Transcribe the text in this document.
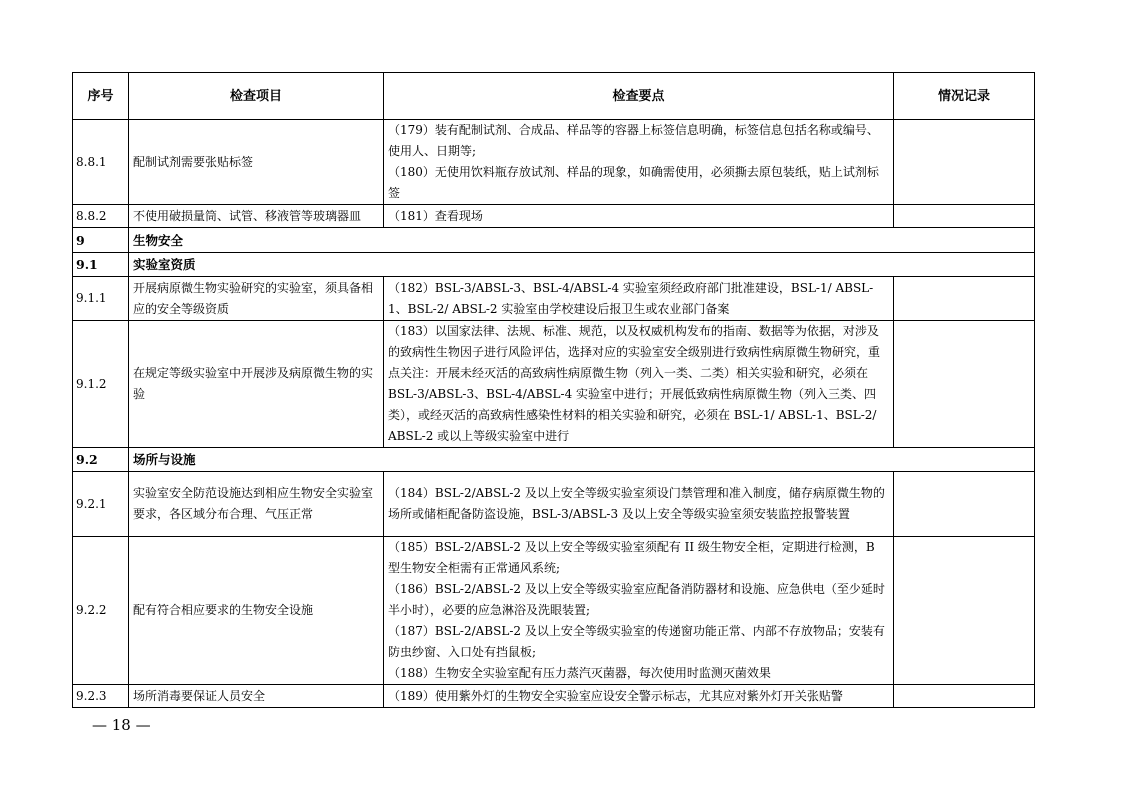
序号	检查项目	检查要点	情况记录
8.8.1	配制试剂需要张贴标签	（179）装有配制试剂、合成品、样品等的容器上标签信息明确，标签信息包括名称或编号、使用人、日期等;
（180）无使用饮料瓶存放试剂、样品的现象，如确需使用，必须撕去原包装纸，贴上试剂标签	

8.8.2	不使用破损量筒、试管、移液管等玻璃器皿	（181）查看现场	

9	生物安全		
9.1	实验室资质		
9.1.1	开展病原微生物实验研究的实验室，须具备相应的安全等级资质	（182）BSL-3/ABSL-3、BSL-4/ABSL-4 实验室须经政府部门批准建设，BSL-1/ ABSL-1、BSL-2/ ABSL-2 实验室由学校建设后报卫生或农业部门备案	

9.1.2	在规定等级实验室中开展涉及病原微生物的实验	（183）以国家法律、法规、标准、规范，以及权威机构发布的指南、数据等为依据，对涉及的致病性生物因子进行风险评估，选择对应的实验室安全级别进行致病性病原微生物研究，重点关注：开展未经灭活的高致病性病原微生物（列入一类、二类）相关实验和研究，必须在 BSL-3/ABSL-3、BSL-4/ABSL-4 实验室中进行；开展低致病性病原微生物（列入三类、四类），或经灭活的高致病性感染性材料的相关实验和研究，必须在 BSL-1/ ABSL-1、BSL-2/ ABSL-2 或以上等级实验室中进行	

9.2	场所与设施		
9.2.1	实验室安全防范设施达到相应生物安全实验室要求，各区域分布合理、气压正常	（184）BSL-2/ABSL-2 及以上安全等级实验室须设门禁管理和准入制度，储存病原微生物的场所或储柜配备防盗设施，BSL-3/ABSL-3 及以上安全等级实验室须安装监控报警装置	

9.2.2	配有符合相应要求的生物安全设施	（185）BSL-2/ABSL-2 及以上安全等级实验室须配有 II 级生物安全柜，定期进行检测，B 型生物安全柜需有正常通风系统;
（186）BSL-2/ABSL-2 及以上安全等级实验室应配备消防器材和设施、应急供电（至少延时半小时），必要的应急淋浴及洗眼装置;
（187）BSL-2/ABSL-2 及以上安全等级实验室的传递窗功能正常、内部不存放物品；安装有防虫纱窗、入口处有挡鼠板;
（188）生物安全实验室配有压力蒸汽灭菌器，每次使用时监测灭菌效果	

9.2.3	场所消毒要保证人员安全	（189）使用紫外灯的生物安全实验室应设安全警示标志，尤其应对紫外灯开关张贴警	

— 18 —
